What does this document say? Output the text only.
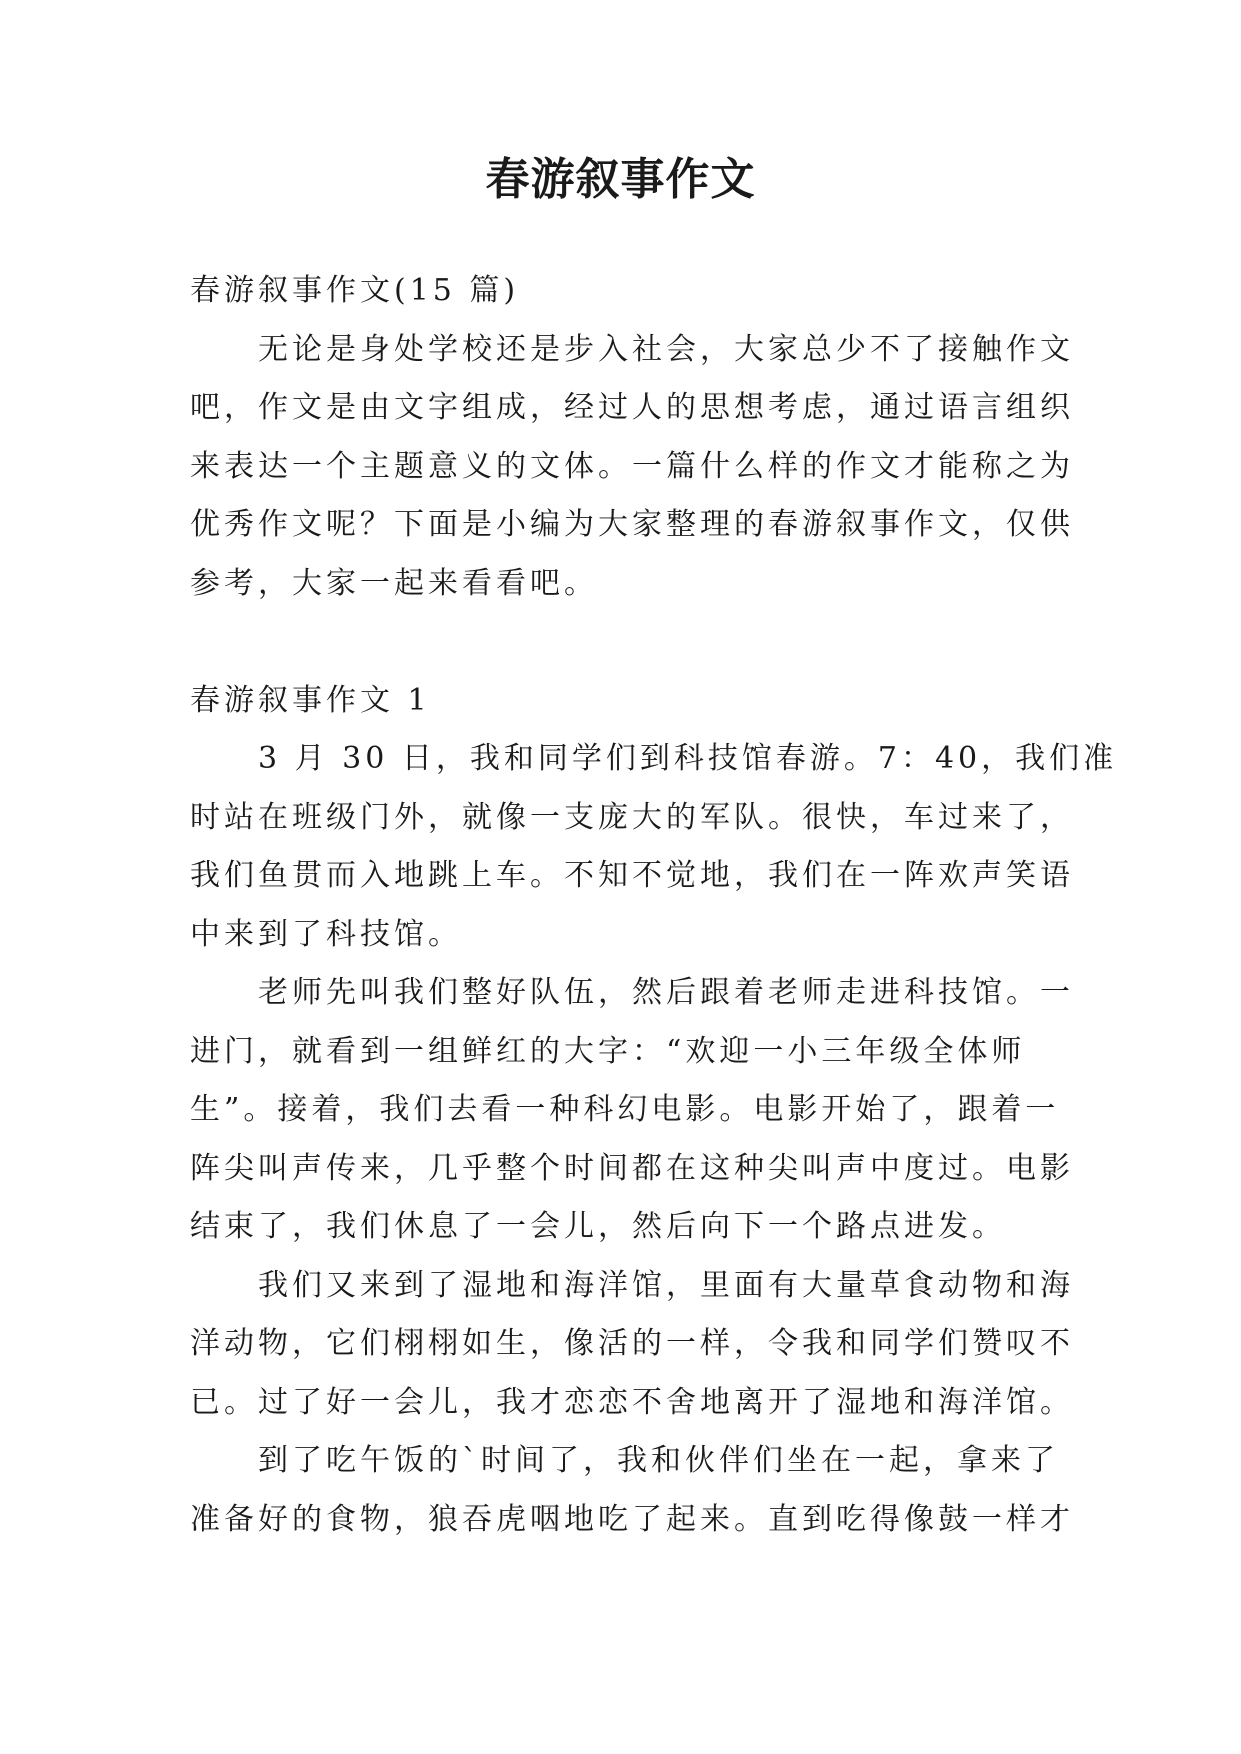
春游叙事作文
春游叙事作文(15 篇)
无论是身处学校还是步入社会，大家总少不了接触作文
吧，作文是由文字组成，经过人的思想考虑，通过语言组织
来表达一个主题意义的文体。一篇什么样的作文才能称之为
优秀作文呢？下面是小编为大家整理的春游叙事作文，仅供
参考，大家一起来看看吧。
春游叙事作文 1
3 月 30 日，我和同学们到科技馆春游。7：40，我们准
时站在班级门外，就像一支庞大的军队。很快，车过来了，
我们鱼贯而入地跳上车。不知不觉地，我们在一阵欢声笑语
中来到了科技馆。
老师先叫我们整好队伍，然后跟着老师走进科技馆。一
进门，就看到一组鲜红的大字：“欢迎一小三年级全体师
生”。接着，我们去看一种科幻电影。电影开始了，跟着一
阵尖叫声传来，几乎整个时间都在这种尖叫声中度过。电影
结束了，我们休息了一会儿，然后向下一个路点进发。
我们又来到了湿地和海洋馆，里面有大量草食动物和海
洋动物，它们栩栩如生，像活的一样，令我和同学们赞叹不
已。过了好一会儿，我才恋恋不舍地离开了湿地和海洋馆。
到了吃午饭的`时间了，我和伙伴们坐在一起，拿来了
准备好的食物，狼吞虎咽地吃了起来。直到吃得像鼓一样才
